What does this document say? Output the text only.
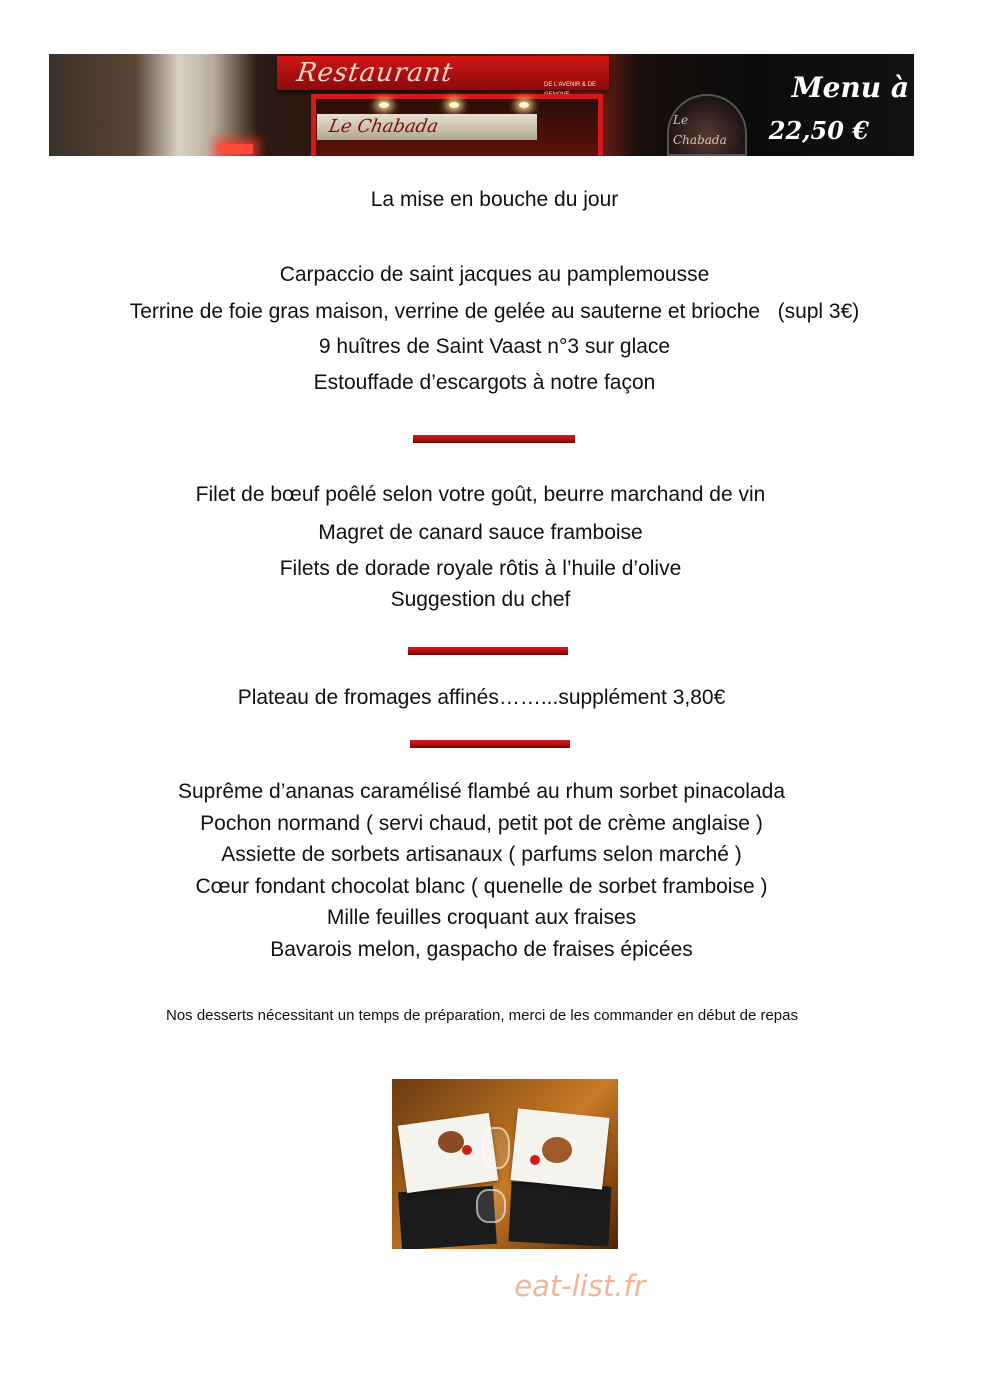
Restaurant	DE L'AVENIR & DE
Le Chabada	Le Chabada
Menu à
22,50 €
La mise en bouche du jour
Carpaccio de saint jacques au pamplemousse
Terrine de foie gras maison, verrine de gelée au sauterne et brioche   (supl 3€)
9 huîtres de Saint Vaast n°3 sur glace
Estouffade d’escargots à notre façon
Filet de bœuf poêlé selon votre goût, beurre marchand de vin
Magret de canard sauce framboise
Filets de dorade royale rôtis à l’huile d’olive
Suggestion du chef
Plateau de fromages affinés……...supplément 3,80€
Suprême d’ananas caramélisé flambé au rhum sorbet pinacolada
Pochon normand ( servi chaud, petit pot de crème anglaise )
Assiette de sorbets artisanaux ( parfums selon marché )
Cœur fondant chocolat blanc ( quenelle de sorbet framboise )
Mille feuilles croquant aux fraises
Bavarois melon, gaspacho de fraises épicées
Nos desserts nécessitant un temps de préparation, merci de les commander en début de repas
eat-list.fr
